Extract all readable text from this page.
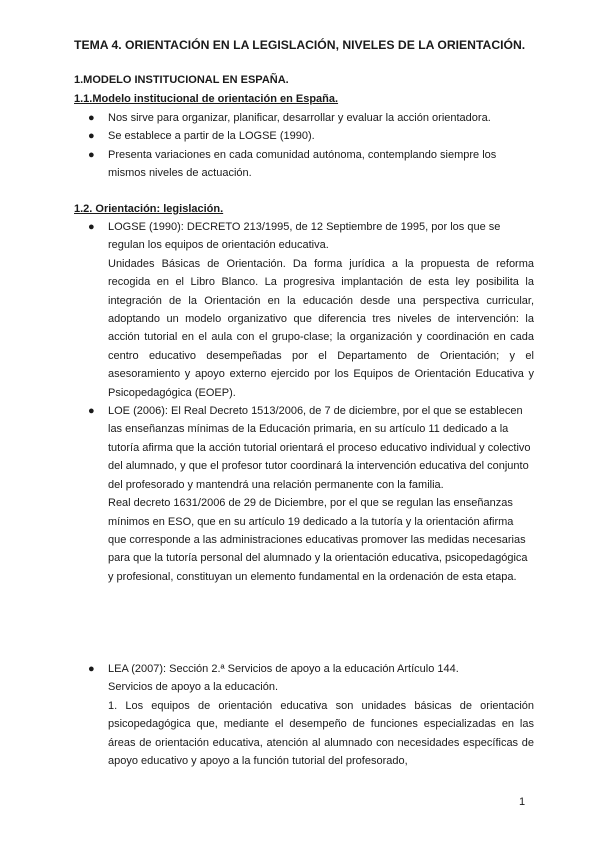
TEMA 4. ORIENTACIÓN EN LA LEGISLACIÓN, NIVELES DE LA ORIENTACIÓN.
1.MODELO INSTITUCIONAL EN ESPAÑA.
1.1.Modelo institucional de orientación en España.
● Nos sirve para organizar, planificar, desarrollar y evaluar la acción orientadora.
● Se establece a partir de la LOGSE (1990).
● Presenta variaciones en cada comunidad autónoma, contemplando siempre los mismos niveles de actuación.
1.2. Orientación: legislación.
● LOGSE (1990): DECRETO 213/1995, de 12 Septiembre de 1995, por los que se regulan los equipos de orientación educativa.
Unidades Básicas de Orientación. Da forma jurídica a la propuesta de reforma recogida en el Libro Blanco. La progresiva implantación de esta ley posibilita la integración de la Orientación en la educación desde una perspectiva curricular, adoptando un modelo organizativo que diferencia tres niveles de intervención: la acción tutorial en el aula con el grupo-clase; la organización y coordinación en cada centro educativo desempeñadas por el Departamento de Orientación; y el asesoramiento y apoyo externo ejercido por los Equipos de Orientación Educativa y Psicopedagógica (EOEP).
● LOE (2006): El Real Decreto 1513/2006, de 7 de diciembre, por el que se establecen las enseñanzas mínimas de la Educación primaria, en su artículo 11 dedicado a la tutoría afirma que la acción tutorial orientará el proceso educativo individual y colectivo del alumnado, y que el profesor tutor coordinará la intervención educativa del conjunto del profesorado y mantendrá una relación permanente con la familia.
Real decreto 1631/2006 de 29 de Diciembre, por el que se regulan las enseñanzas mínimos en ESO, que en su artículo 19 dedicado a la tutoría y la orientación afirma que corresponde a las administraciones educativas promover las medidas necesarias para que la tutoría personal del alumnado y la orientación educativa, psicopedagógica y profesional, constituyan un elemento fundamental en la ordenación de esta etapa.
● LEA (2007): Sección 2.ª Servicios de apoyo a la educación Artículo 144.
Servicios de apoyo a la educación.
1. Los equipos de orientación educativa son unidades básicas de orientación psicopedagógica que, mediante el desempeño de funciones especializadas en las áreas de orientación educativa, atención al alumnado con necesidades específicas de apoyo educativo y apoyo a la función tutorial del profesorado,
1
